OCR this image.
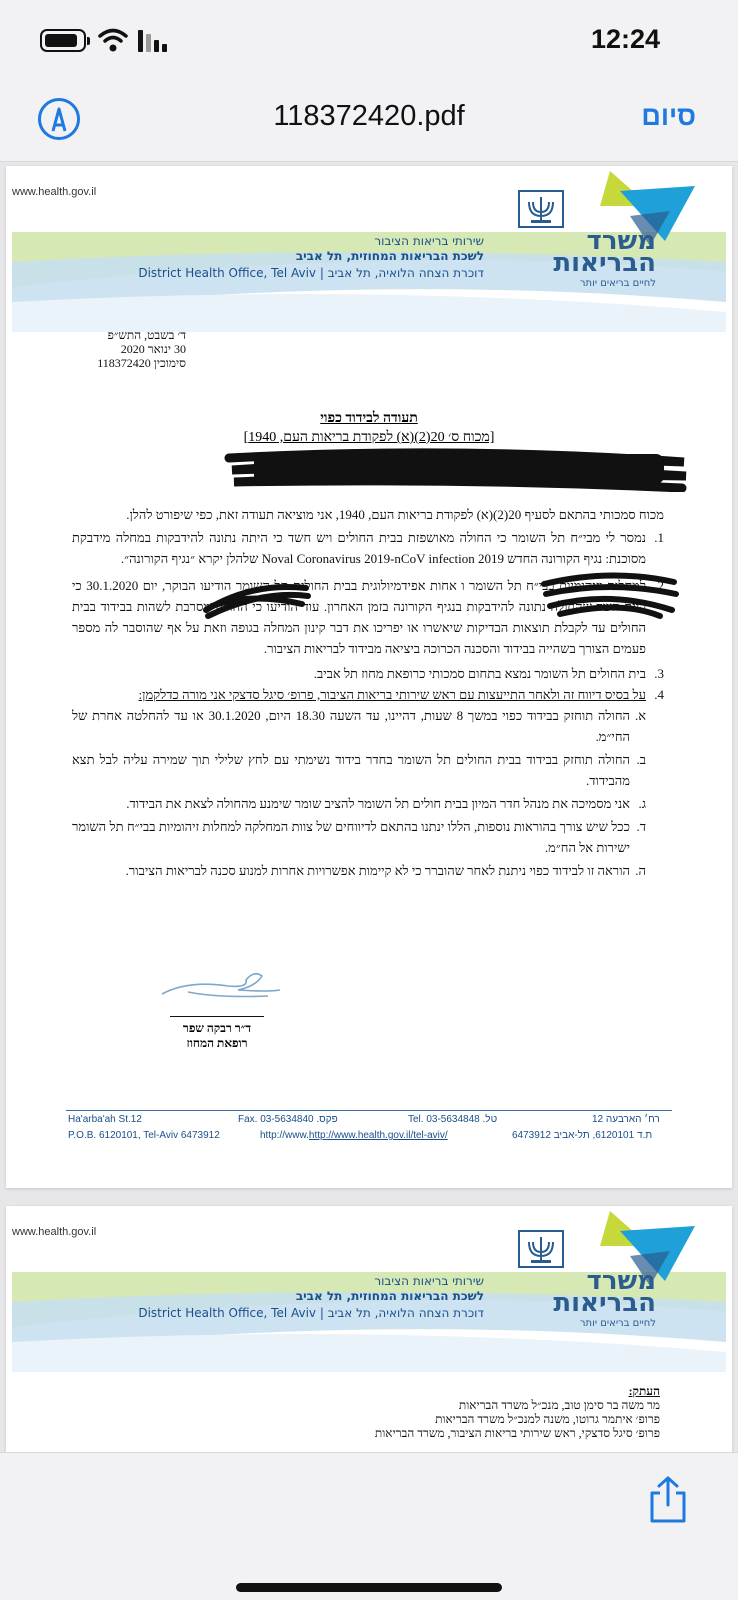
12:24
118372420.pdf	סיום
www.health.gov.il
משרד הבריאות
לחיים בריאים יותר
שירותי בריאות הציבור
לשכת הבריאות המחוזית, תל אביב
דוכרת הצחה הלואיה, תל אביב | District Health Office, Tel Aviv
ד׳ בשבט, התש״פ
30 ינואר 2020
סימוכין 118372420
תעודה לבידוד כפוי
[מכוח ס׳ 20(2)(א) לפקודת בריאות העם, 1940]

מכוח סמכותי בהתאם לסעיף 20(2)(א) לפקודת בריאות העם, 1940, אני מוציאה תעודה זאת, כפי שיפורט להלן.

1.
נמסר לי מבי״ח תל השומר כי החולה מאושפזת בבית החולים ויש חשד כי היתה נתונה להידבקות במחלה מידבקת מסוכנת: נגיף הקורונה החדש Noval Coronavirus 2019-nCoV infection 2019 שלהלן יקרא ״נגיף הקורונה״.
2.
למחלות וזיהומיות בבי״ח תל השומר ו אחות אפידמיולוגית בבית החולים תל השומר הודיעו הבוקר, יום 30.1.2020 כי קיים חשד שהחולה נתונה להידבקות בנגיף הקורונה בזמן האחרון. עוד הודיעו כי החולה מסרבת לשהות בבידוד בבית החולים עד לקבלת תוצאות הבדיקות שיאשרו או יפריכו את דבר קינון המחלה בגופה וזאת על אף שהוסבר לה מספר פעמים הצורך בשהייה בבידוד והסכנה הכרוכה ביציאה מבידוד לבריאות הציבור.
3.
בית החולים תל השומר נמצא בתחום סמכותי כרופאת מחוז תל אביב.
4.
על בסיס דיווח זה ולאחר התייעצות עם ראש שירותי בריאות הציבור, פרופ׳ סיגל סדצקי אני מורה כדלקמן:
א.
החולה תוחזק בבידוד כפוי במשך 8 שעות, דהיינו, עד השעה 18.30 היום, 30.1.2020 או עד להחלטה אחרת של החי״מ.
ב.
החולה תוחזק בבידוד בבית החולים תל השומר בחדר בידוד נשימתי עם לחץ שלילי תוך שמירה עליה לבל תצא מהבידוד.
ג.
אני מסמיכה את מנהל חדר המיון בבית חולים תל השומר להציב שומר שימנע מהחולה לצאת את הבידוד.
ד.
ככל שיש צורך בהוראות נוספות, הללו ינתנו בהתאם לדיווחים של צוות המחלקה למחלות זיהומיות בבי״ח תל השומר ישירות אל הח״מ.
ה.
הוראה זו לבידוד כפוי ניתנת לאחר שהוברר כי לא קיימות אפשרויות אחרות למנוע סכנה לבריאות הציבור.
ד״ר רבקה שפר
רופאת המחוז
Ha'arba'ah St.12	Fax. 03-5634840 .פקס	Tel. 03-5634848 .טל	רח׳ הארבעה 12
P.O.B. 6120101, Tel-Aviv 6473912	http://www.http://www.health.gov.il/tel-aviv/	ת.ד 6120101, תל-אביב 6473912
www.health.gov.il
משרד הבריאות
לחיים בריאים יותר
שירותי בריאות הציבור
לשכת הבריאות המחוזית, תל אביב
דוכרת הצחה הלואיה, תל אביב | District Health Office, Tel Aviv
העתק:
מר משה בר סימן טוב, מנכ״ל משרד הבריאות
פרופ׳ איתמר גרוטו, משנה למנכ״ל משרד הבריאות
פרופ׳ סיגל סדצקי, ראש שירותי בריאות הציבור, משרד הבריאות
